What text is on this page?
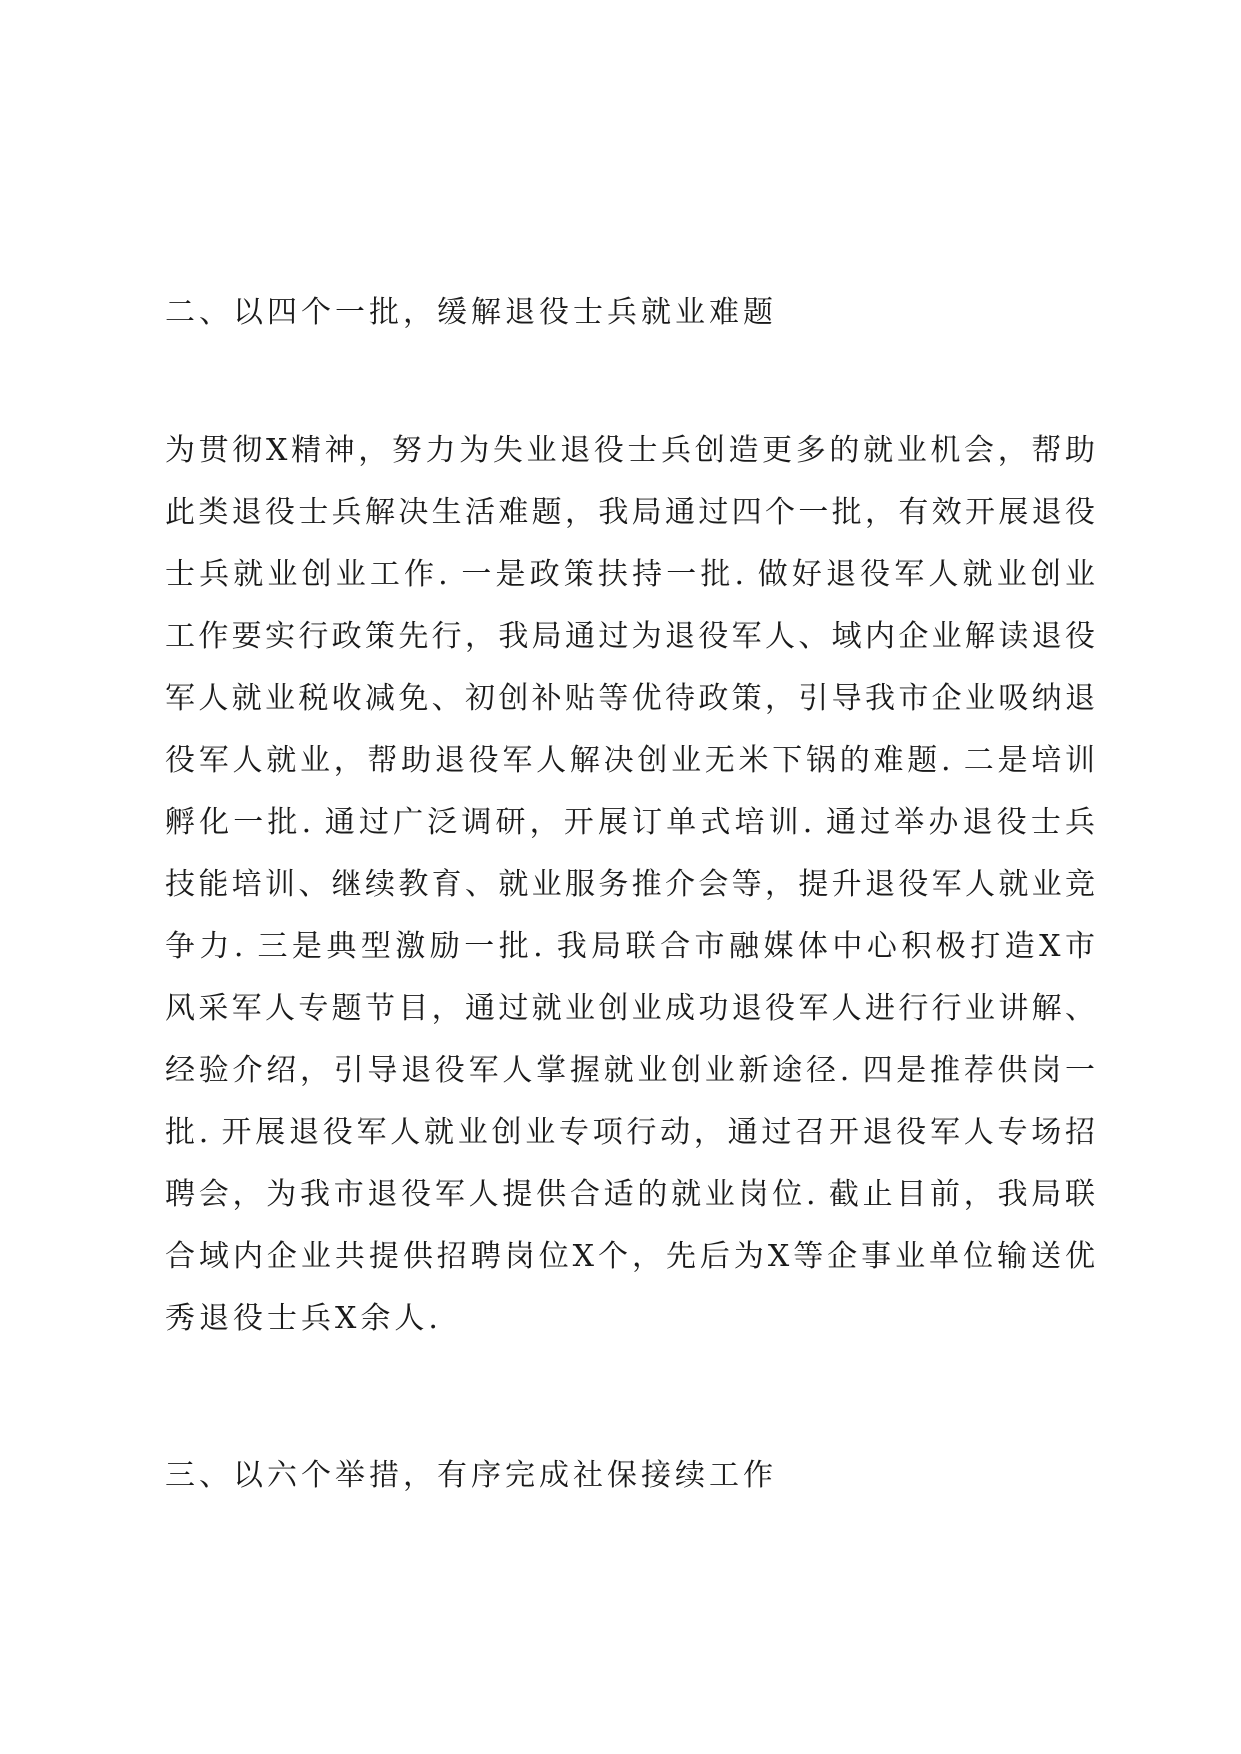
二、以四个一批，缓解退役士兵就业难题
为贯彻X精神，努力为失业退役士兵创造更多的就业机会，帮助
此类退役士兵解决生活难题，我局通过四个一批，有效开展退役
士兵就业创业工作. 一是政策扶持一批. 做好退役军人就业创业
工作要实行政策先行，我局通过为退役军人、域内企业解读退役
军人就业税收减免、初创补贴等优待政策，引导我市企业吸纳退
役军人就业，帮助退役军人解决创业无米下锅的难题. 二是培训
孵化一批. 通过广泛调研，开展订单式培训. 通过举办退役士兵
技能培训、继续教育、就业服务推介会等，提升退役军人就业竞
争力. 三是典型激励一批. 我局联合市融媒体中心积极打造X市
风采军人专题节目，通过就业创业成功退役军人进行行业讲解、
经验介绍，引导退役军人掌握就业创业新途径. 四是推荐供岗一
批. 开展退役军人就业创业专项行动，通过召开退役军人专场招
聘会，为我市退役军人提供合适的就业岗位. 截止目前，我局联
合域内企业共提供招聘岗位X个，先后为X等企事业单位输送优
秀退役士兵X余人.
三、以六个举措，有序完成社保接续工作
